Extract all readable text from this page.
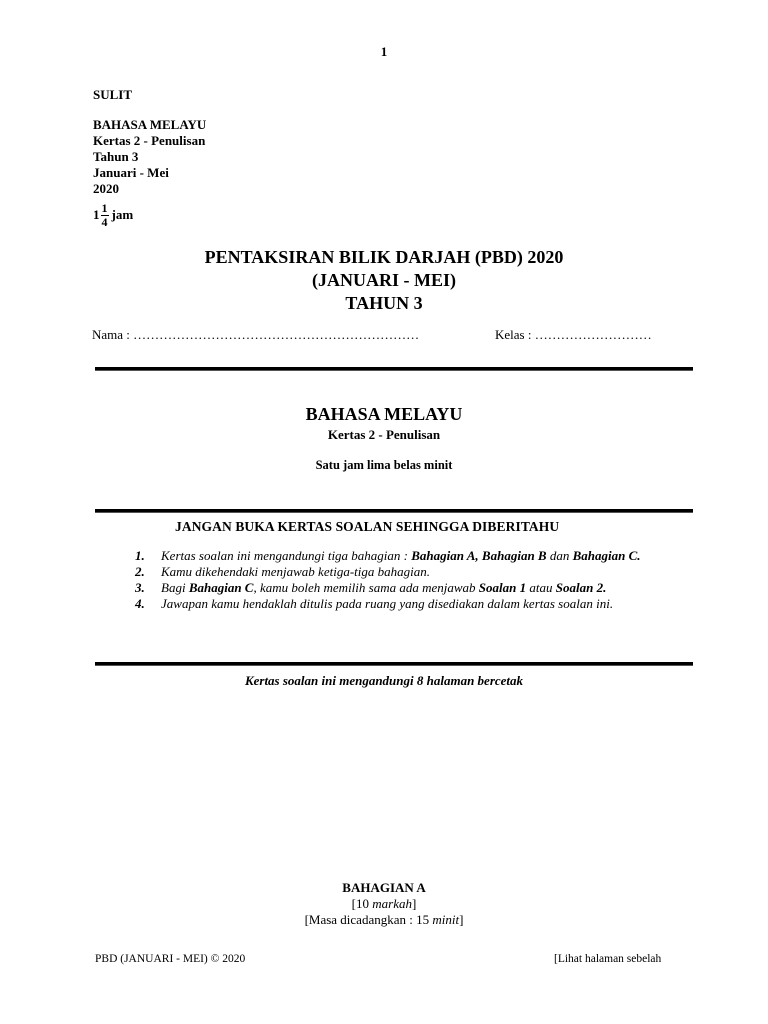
1
SULIT
BAHASA MELAYU
Kertas 2 - Penulisan
Tahun 3
Januari - Mei
2020
$1 \frac{1}{4}$ jam
PENTAKSIRAN BILIK DARJAH (PBD) 2020
(JANUARI - MEI)
TAHUN 3
Nama : …………………………………………………………	Kelas : ………………………
BAHASA MELAYU
Kertas 2 - Penulisan
Satu jam lima belas minit
JANGAN BUKA KERTAS SOALAN SEHINGGA DIBERITAHU
1.	Kertas soalan ini mengandungi tiga bahagian : Bahagian A, Bahagian B dan Bahagian C.
2.	Kamu dikehendaki menjawab ketiga-tiga bahagian.
3.	Bagi Bahagian C, kamu boleh memilih sama ada menjawab Soalan 1 atau Soalan 2.
4.	Jawapan kamu hendaklah ditulis pada ruang yang disediakan dalam kertas soalan ini.
Kertas soalan ini mengandungi 8 halaman bercetak
BAHAGIAN A
[10 markah]
[Masa dicadangkan : 15 minit]
PBD (JANUARI - MEI) © 2020	[Lihat halaman sebelah
